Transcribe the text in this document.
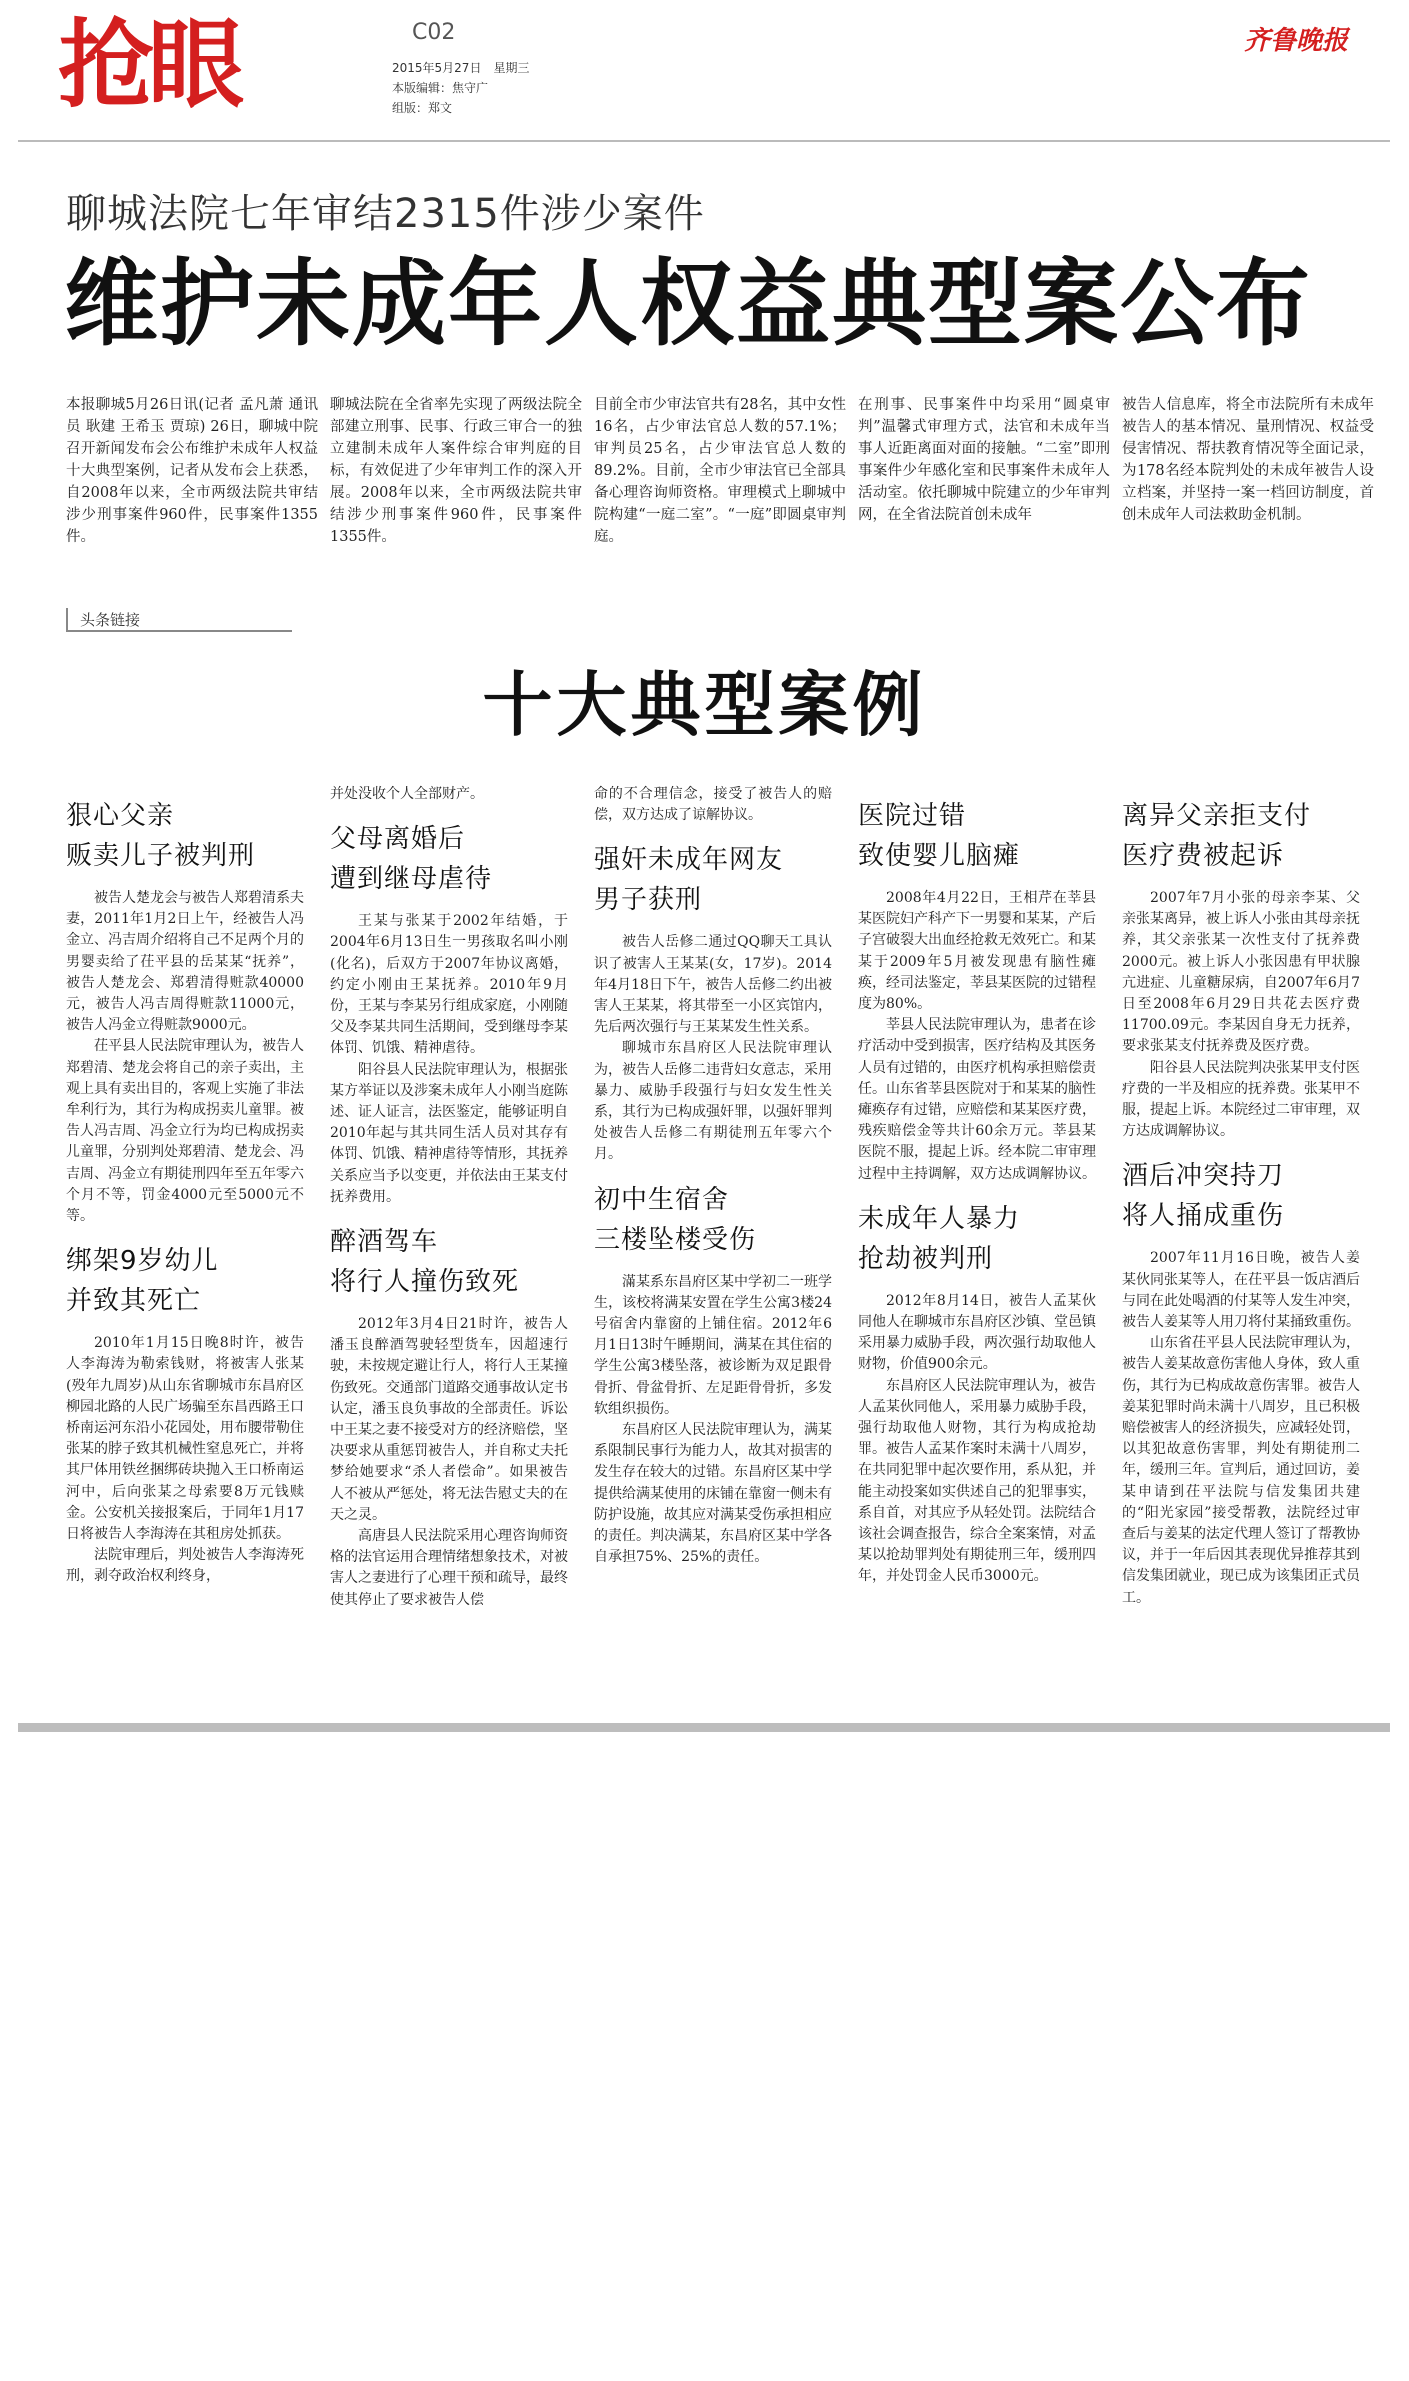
抢眼	C02
2015年5月27日　星期三
本版编辑：焦守广
组版：郑文
齐鲁晚报
聊城法院七年审结2315件涉少案件
维护未成年人权益典型案公布
本报聊城5月26日讯(记者 孟凡萧 通讯员 耿建 王希玉 贾琼) 26日，聊城中院召开新闻发布会公布维护未成年人权益十大典型案例，记者从发布会上获悉，自2008年以来，全市两级法院共审结涉少刑事案件960件，民事案件1355件。
聊城法院在全省率先实现了两级法院全部建立刑事、民事、行政三审合一的独立建制未成年人案件综合审判庭的目标，有效促进了少年审判工作的深入开展。2008年以来，全市两级法院共审结涉少刑事案件960件，民事案件1355件。
目前全市少审法官共有28名，其中女性16名，占少审法官总人数的57.1%；审判员25名，占少审法官总人数的89.2%。目前，全市少审法官已全部具备心理咨询师资格。审理模式上聊城中院构建“一庭二室”。“一庭”即圆桌审判庭。
在刑事、民事案件中均采用“圆桌审判”温馨式审理方式，法官和未成年当事人近距离面对面的接触。“二室”即刑事案件少年感化室和民事案件未成年人活动室。依托聊城中院建立的少年审判网，在全省法院首创未成年
被告人信息库，将全市法院所有未成年被告人的基本情况、量刑情况、权益受侵害情况、帮扶教育情况等全面记录，为178名经本院判处的未成年被告人设立档案，并坚持一案一档回访制度，首创未成年人司法救助金机制。
头条链接
十大典型案例
狠心父亲
贩卖儿子被判刑

被告人楚龙会与被告人郑碧清系夫妻，2011年1月2日上午，经被告人冯金立、冯吉周介绍将自己不足两个月的男婴卖给了茌平县的岳某某“抚养”，被告人楚龙会、郑碧清得赃款40000元，被告人冯吉周得赃款11000元，被告人冯金立得赃款9000元。

茌平县人民法院审理认为，被告人郑碧清、楚龙会将自己的亲子卖出，主观上具有卖出目的，客观上实施了非法牟利行为，其行为构成拐卖儿童罪。被告人冯吉周、冯金立行为均已构成拐卖儿童罪，分别判处郑碧清、楚龙会、冯吉周、冯金立有期徒刑四年至五年零六个月不等，罚金4000元至5000元不等。

绑架9岁幼儿
并致其死亡

2010年1月15日晚8时许，被告人李海涛为勒索钱财，将被害人张某(殁年九周岁)从山东省聊城市东昌府区柳园北路的人民广场骗至东昌西路王口桥南运河东沿小花园处，用布腰带勒住张某的脖子致其机械性窒息死亡，并将其尸体用铁丝捆绑砖块抛入王口桥南运河中，后向张某之母索要8万元钱赎金。公安机关接报案后，于同年1月17日将被告人李海涛在其租房处抓获。

法院审理后，判处被告人李海涛死刑，剥夺政治权利终身，

并处没收个人全部财产。

父母离婚后
遭到继母虐待

王某与张某于2002年结婚，于2004年6月13日生一男孩取名叫小刚(化名)，后双方于2007年协议离婚，约定小刚由王某抚养。2010年9月份，王某与李某另行组成家庭，小刚随父及李某共同生活期间，受到继母李某体罚、饥饿、精神虐待。

阳谷县人民法院审理认为，根据张某方举证以及涉案未成年人小刚当庭陈述、证人证言，法医鉴定，能够证明自2010年起与其共同生活人员对其存有体罚、饥饿、精神虐待等情形，其抚养关系应当予以变更，并依法由王某支付抚养费用。

醉酒驾车
将行人撞伤致死

2012年3月4日21时许，被告人潘玉良醉酒驾驶轻型货车，因超速行驶，未按规定避让行人，将行人王某撞伤致死。交通部门道路交通事故认定书认定，潘玉良负事故的全部责任。诉讼中王某之妻不接受对方的经济赔偿，坚决要求从重惩罚被告人，并自称丈夫托梦给她要求“杀人者偿命”。如果被告人不被从严惩处，将无法告慰丈夫的在天之灵。

高唐县人民法院采用心理咨询师资格的法官运用合理情绪想象技术，对被害人之妻进行了心理干预和疏导，最终使其停止了要求被告人偿

命的不合理信念，接受了被告人的赔偿，双方达成了谅解协议。

强奸未成年网友
男子获刑

被告人岳修二通过QQ聊天工具认识了被害人王某某(女，17岁)。2014年4月18日下午，被告人岳修二约出被害人王某某，将其带至一小区宾馆内，先后两次强行与王某某发生性关系。

聊城市东昌府区人民法院审理认为，被告人岳修二违背妇女意志，采用暴力、威胁手段强行与妇女发生性关系，其行为已构成强奸罪，以强奸罪判处被告人岳修二有期徒刑五年零六个月。

初中生宿舍
三楼坠楼受伤

滿某系东昌府区某中学初二一班学生，该校将满某安置在学生公寓3楼24号宿舍内靠窗的上铺住宿。2012年6月1日13时午睡期间，满某在其住宿的学生公寓3楼坠落，被诊断为双足跟骨骨折、骨盆骨折、左足距骨骨折，多发软组织损伤。

东昌府区人民法院审理认为，满某系限制民事行为能力人，故其对损害的发生存在较大的过错。东昌府区某中学提供给满某使用的床铺在靠窗一侧未有防护设施，故其应对满某受伤承担相应的责任。判决满某，东昌府区某中学各自承担75%、25%的责任。

医院过错
致使婴儿脑瘫

2008年4月22日，王相芹在莘县某医院妇产科产下一男婴和某某，产后子宫破裂大出血经抢救无效死亡。和某某于2009年5月被发现患有脑性瘫痪，经司法鉴定，莘县某医院的过错程度为80%。

莘县人民法院审理认为，患者在诊疗活动中受到损害，医疗结构及其医务人员有过错的，由医疗机构承担赔偿责任。山东省莘县医院对于和某某的脑性瘫痪存有过错，应赔偿和某某医疗费，残疾赔偿金等共计60余万元。莘县某医院不服，提起上诉。经本院二审审理过程中主持调解，双方达成调解协议。

未成年人暴力
抢劫被判刑

2012年8月14日，被告人孟某伙同他人在聊城市东昌府区沙镇、堂邑镇采用暴力威胁手段，两次强行劫取他人财物，价值900余元。

东昌府区人民法院审理认为，被告人孟某伙同他人，采用暴力威胁手段，强行劫取他人财物，其行为构成抢劫罪。被告人孟某作案时未满十八周岁，在共同犯罪中起次要作用，系从犯，并能主动投案如实供述自己的犯罪事实，系自首，对其应予从轻处罚。法院结合该社会调查报告，综合全案案情，对孟某以抢劫罪判处有期徒刑三年，缓刑四年，并处罚金人民币3000元。

离异父亲拒支付
医疗费被起诉

2007年7月小张的母亲李某、父亲张某离异，被上诉人小张由其母亲抚养，其父亲张某一次性支付了抚养费2000元。被上诉人小张因患有甲状腺亢进症、儿童糖尿病，自2007年6月7日至2008年6月29日共花去医疗费11700.09元。李某因自身无力抚养，要求张某支付抚养费及医疗费。

阳谷县人民法院判决张某甲支付医疗费的一半及相应的抚养费。张某甲不服，提起上诉。本院经过二审审理，双方达成调解协议。

酒后冲突持刀
将人捅成重伤

2007年11月16日晚，被告人姜某伙同张某等人，在茌平县一饭店酒后与同在此处喝酒的付某等人发生冲突，被告人姜某等人用刀将付某捅致重伤。

山东省茌平县人民法院审理认为，被告人姜某故意伤害他人身体，致人重伤，其行为已构成故意伤害罪。被告人姜某犯罪时尚未满十八周岁，且已积极赔偿被害人的经济损失，应减轻处罚，以其犯故意伤害罪，判处有期徒刑二年，缓刑三年。宣判后，通过回访，姜某申请到茌平法院与信发集团共建的“阳光家园”接受帮教，法院经过审查后与姜某的法定代理人签订了帮教协议，并于一年后因其表现优异推荐其到信发集团就业，现已成为该集团正式员工。
